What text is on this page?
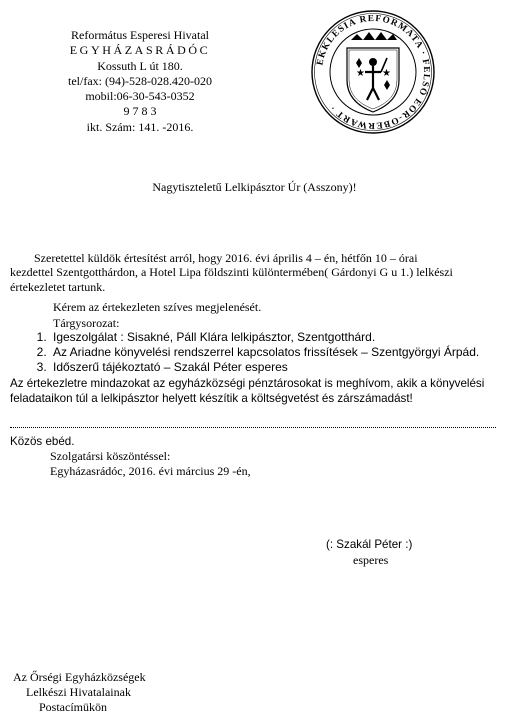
Református Esperesi Hivatal
EGYHÁZASRÁDÓC
Kossuth L út 180.
tel/fax: (94)-528-028.420-020
mobil:06-30-543-0352
9 7 8 3
ikt. Szám: 141. -2016.
EKKLESIA REFORMATA · FELSŐ EŐR-OBERWART ·
★ ★
Nagytiszteletű Lelkipásztor Úr (Asszony)!
Szeretettel küldök értesítést arról, hogy 2016. évi április 4 – én, hétfőn 10 – órai
kezdettel Szentgotthárdon, a Hotel Lipa földszinti különtermében( Gárdonyi G u 1.) lelkészi
értekezletet tartunk.
Kérem az értekezleten szíves megjelenését.
Tárgysorozat:
1. Igeszolgálat : Sisakné, Páll Klára lelkipásztor, Szentgotthárd.
2. Az Ariadne könyvelési rendszerrel kapcsolatos frissítések – Szentgyörgyi Árpád.
3. Időszerű tájékoztató – Szakál Péter esperes
Az értekezletre mindazokat az egyházközségi pénztárosokat is meghívom, akik a könyvelési
feladataikon túl a lelkipásztor helyett készítik a költségvetést és zárszámadást!
Közös ebéd.
Szolgatársi köszöntéssel:
Egyházasrádóc, 2016. évi március 29 -én,
(: Szakál Péter :)
esperes
Az Őrségi Egyházközségek
Lelkészi Hivatalainak
Postacímükön
